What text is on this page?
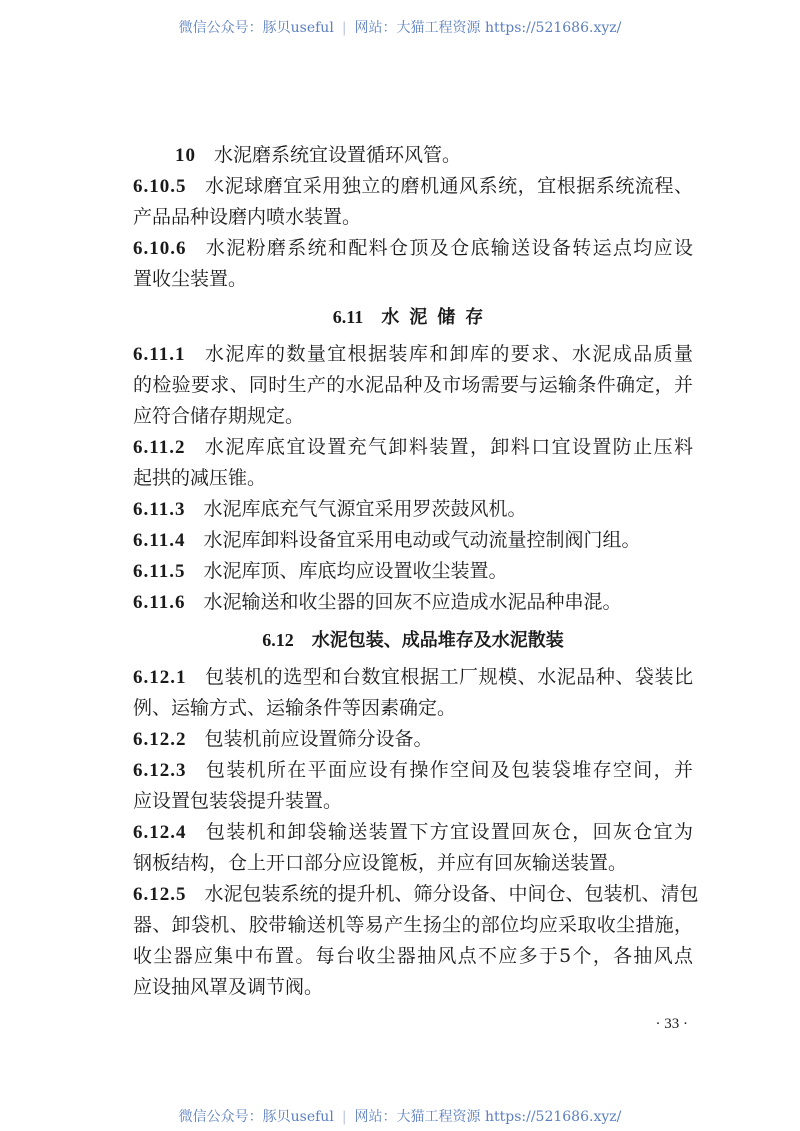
微信公众号：豚贝useful | 网站：大猫工程资源 https://521686.xyz/
10 水泥磨系统宜设置循环风管。
6.10.5 水泥球磨宜采用独立的磨机通风系统，宜根据系统流程、
产品品种设磨内喷水装置。
6.10.6 水泥粉磨系统和配料仓顶及仓底输送设备转运点均应设
置收尘装置。
6.11 水泥储存
6.11.1 水泥库的数量宜根据装库和卸库的要求、水泥成品质量
的检验要求、同时生产的水泥品种及市场需要与运输条件确定，并
应符合储存期规定。
6.11.2 水泥库底宜设置充气卸料装置，卸料口宜设置防止压料
起拱的减压锥。
6.11.3 水泥库底充气气源宜采用罗茨鼓风机。
6.11.4 水泥库卸料设备宜采用电动或气动流量控制阀门组。
6.11.5 水泥库顶、库底均应设置收尘装置。
6.11.6 水泥输送和收尘器的回灰不应造成水泥品种串混。
6.12 水泥包装、成品堆存及水泥散装
6.12.1 包装机的选型和台数宜根据工厂规模、水泥品种、袋装比
例、运输方式、运输条件等因素确定。
6.12.2 包装机前应设置筛分设备。
6.12.3 包装机所在平面应设有操作空间及包装袋堆存空间，并
应设置包装袋提升装置。
6.12.4 包装机和卸袋输送装置下方宜设置回灰仓，回灰仓宜为
钢板结构，仓上开口部分应设篦板，并应有回灰输送装置。
6.12.5 水泥包装系统的提升机、筛分设备、中间仓、包装机、清包
器、卸袋机、胶带输送机等易产生扬尘的部位均应采取收尘措施，
收尘器应集中布置。每台收尘器抽风点不应多于5个，各抽风点
应设抽风罩及调节阀。
· 33 ·
微信公众号：豚贝useful | 网站：大猫工程资源 https://521686.xyz/
